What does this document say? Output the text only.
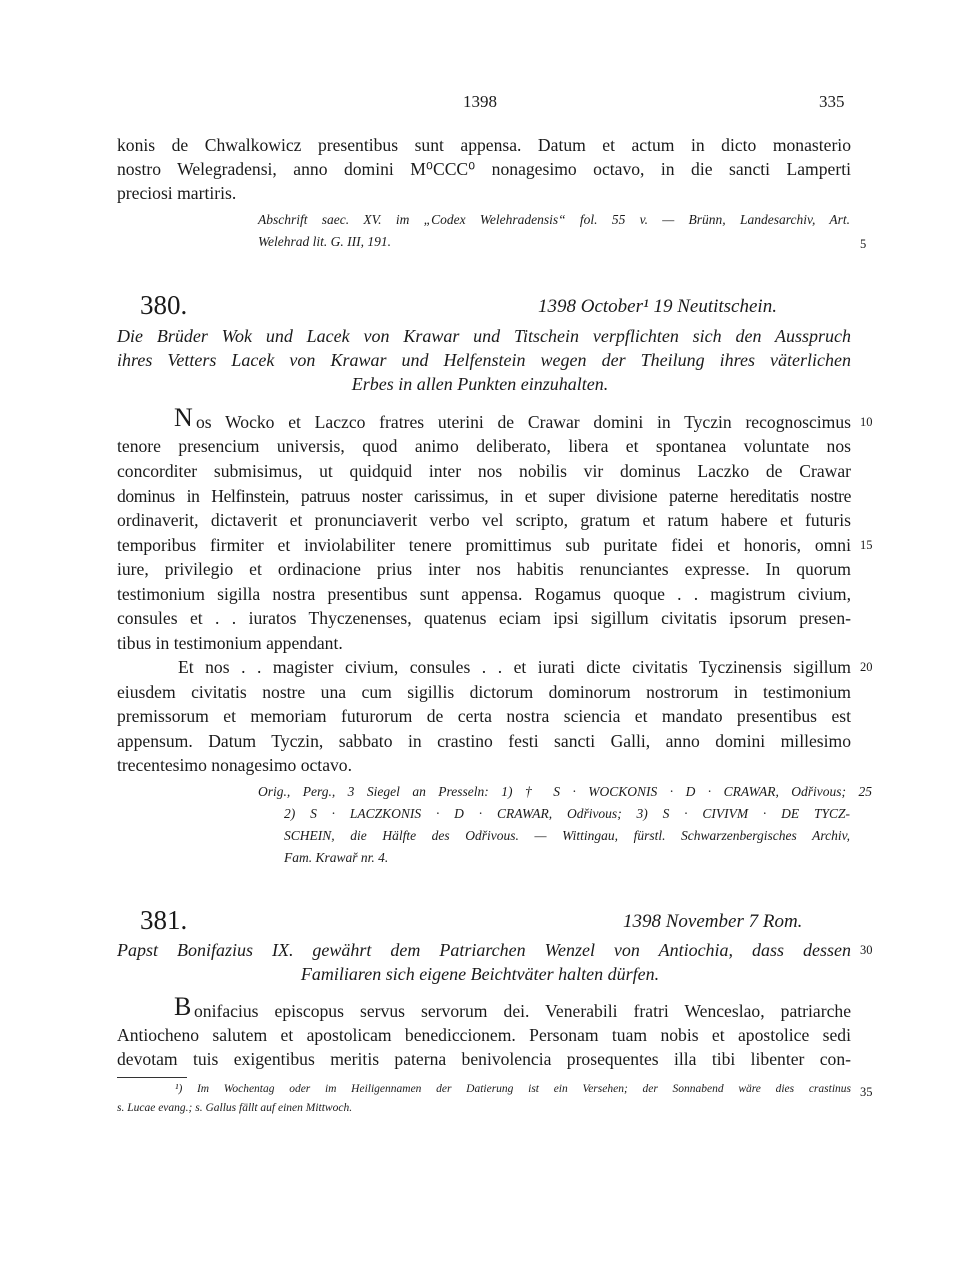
1398	335
konis de Chwalkowicz presentibus sunt appensa. Datum et actum in dicto monasterio
nostro Welegradensi, anno domini M⁰CCC⁰ nonagesimo octavo, in die sancti Lamperti
preciosi martiris.
Abschrift saec. XV. im „Codex Welehradensis“ fol. 55 v. — Brünn, Landesarchiv, Art.
Welehrad lit. G. III, 191.	5
380.	1398 October¹ 19 Neutitschein.
Die Brüder Wok und Lacek von Krawar und Titschein verpflichten sich den Ausspruch
ihres Vetters Lacek von Krawar und Helfenstein wegen der Theilung ihres väterlichen
Erbes in allen Punkten einzuhalten.
N os Wocko et Laczco fratres uterini de Crawar domini in Tyczin recognoscimus
tenore presencium universis, quod animo deliberato, libera et spontanea voluntate nos
concorditer submisimus, ut quidquid inter nos nobilis vir dominus Laczko de Crawar
dominus in Helfinstein, patruus noster carissimus, in et super divisione paterne hereditatis nostre
ordinaverit, dictaverit et pronunciaverit verbo vel scripto, gratum et ratum habere et futuris
temporibus firmiter et inviolabiliter tenere promittimus sub puritate fidei et honoris, omni
iure, privilegio et ordinacione prius inter nos habitis renunciantes expresse. In quorum
testimonium sigilla nostra presentibus sunt appensa. Rogamus quoque . . magistrum civium,
consules et . . iuratos Thyczenenses, quatenus eciam ipsi sigillum civitatis ipsorum presen-
tibus in testimonium appendant.
Et nos . . magister civium, consules . . et iurati dicte civitatis Tyczinensis sigillum
eiusdem civitatis nostre una cum sigillis dictorum dominorum nostrorum in testimonium
premissorum et memoriam futurorum de certa nostra sciencia et mandato presentibus est
appensum. Datum Tyczin, sabbato in crastino festi sancti Galli, anno domini millesimo
trecentesimo nonagesimo octavo.
10
15
20
Orig., Perg., 3 Siegel an Presseln: 1) † S · WOCKONIS · D · CRAWAR, Odřivous; 25
2) S · LACZKONIS · D · CRAWAR, Odřivous; 3) S · CIVIVM · DE TYCZ-
SCHEIN, die Hälfte des Odřivous. — Wittingau, fürstl. Schwarzenbergisches Archiv,
Fam. Krawař nr. 4.
381.	1398 November 7 Rom.
Papst Bonifazius IX. gewährt dem Patriarchen Wenzel von Antiochia, dass dessen
Familiaren sich eigene Beichtväter halten dürfen.
30
B onifacius episcopus servus servorum dei. Venerabili fratri Wenceslao, patriarche
Antiocheno salutem et apostolicam benediccionem. Personam tuam nobis et apostolice sedi
devotam tuis exigentibus meritis paterna benivolencia prosequentes illa tibi libenter con-
¹) Im Wochentag oder im Heiligennamen der Datierung ist ein Versehen; der Sonnabend wäre dies crastinus
s. Lucae evang.; s. Gallus fällt auf einen Mittwoch.
35
